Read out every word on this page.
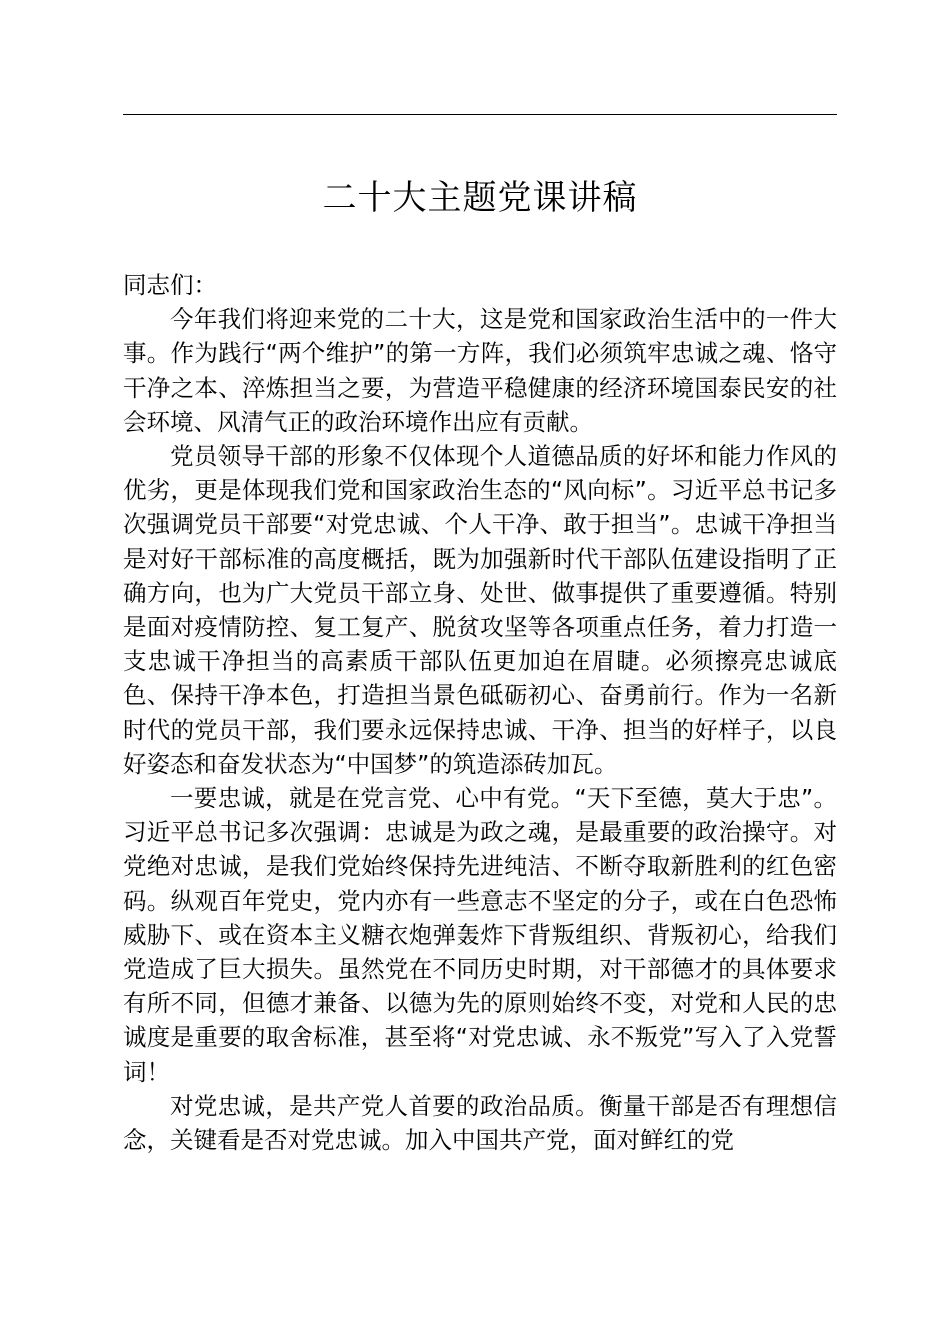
二十大主题党课讲稿

同志们：

今年我们将迎来党的二十大，这是党和国家政治生活中的一件大事。作为践行“两个维护”的第一方阵，我们必须筑牢忠诚之魂、恪守干净之本、淬炼担当之要，为营造平稳健康的经济环境国泰民安的社会环境、风清气正的政治环境作出应有贡献。

党员领导干部的形象不仅体现个人道德品质的好坏和能力作风的优劣，更是体现我们党和国家政治生态的“风向标”。习近平总书记多次强调党员干部要“对党忠诚、个人干净、敢于担当”。忠诚干净担当是对好干部标准的高度概括，既为加强新时代干部队伍建设指明了正确方向，也为广大党员干部立身、处世、做事提供了重要遵循。特别是面对疫情防控、复工复产、脱贫攻坚等各项重点任务，着力打造一支忠诚干净担当的高素质干部队伍更加迫在眉睫。必须擦亮忠诚底色、保持干净本色，打造担当景色砥砺初心、奋勇前行。作为一名新时代的党员干部，我们要永远保持忠诚、干净、担当的好样子，以良好姿态和奋发状态为“中国梦”的筑造添砖加瓦。

一要忠诚，就是在党言党、心中有党。“天下至德，莫大于忠”。习近平总书记多次强调：忠诚是为政之魂，是最重要的政治操守。对党绝对忠诚，是我们党始终保持先进纯洁、不断夺取新胜利的红色密码。纵观百年党史，党内亦有一些意志不坚定的分子，或在白色恐怖威胁下、或在资本主义糖衣炮弹轰炸下背叛组织、背叛初心，给我们党造成了巨大损失。虽然党在不同历史时期，对干部德才的具体要求有所不同，但德才兼备、以德为先的原则始终不变，对党和人民的忠诚度是重要的取舍标准，甚至将“对党忠诚、永不叛党”写入了入党誓词！

对党忠诚，是共产党人首要的政治品质。衡量干部是否有理想信念，关键看是否对党忠诚。加入中国共产党，面对鲜红的党
